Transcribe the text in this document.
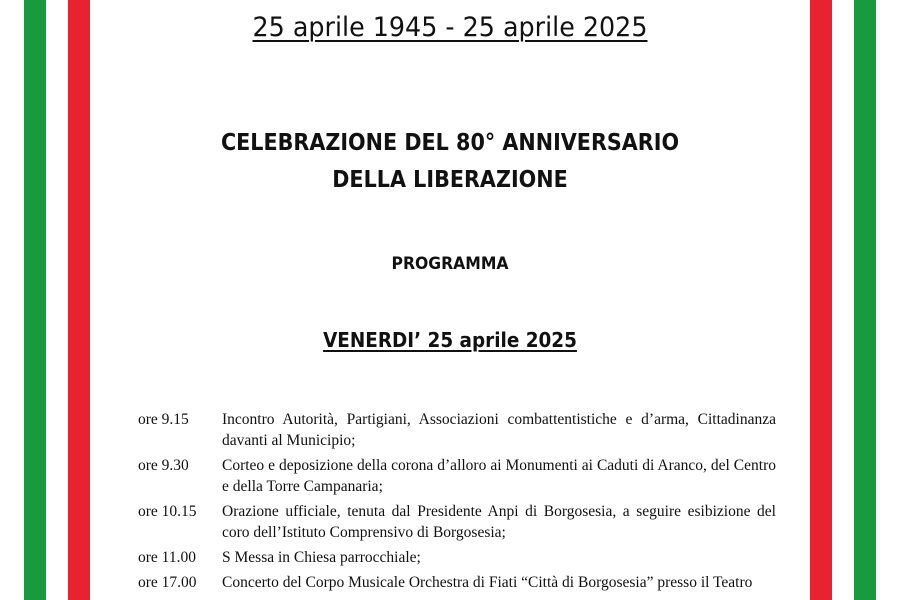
25 aprile 1945 - 25 aprile 2025
CELEBRAZIONE DEL 80° ANNIVERSARIO
DELLA LIBERAZIONE
PROGRAMMA
VENERDI’ 25 aprile 2025
ore 9.15	Incontro Autorità, Partigiani, Associazioni combattentistiche e d’arma, Cittadinanza davanti al Municipio;
ore 9.30	Corteo e deposizione della corona d’alloro ai Monumenti ai Caduti di Aranco, del Centro e della Torre Campanaria;
ore 10.15	Orazione ufficiale, tenuta dal Presidente Anpi di Borgosesia, a seguire esibizione del coro dell’Istituto Comprensivo di Borgosesia;
ore 11.00	S Messa in Chiesa parrocchiale;
ore 17.00	Concerto del Corpo Musicale Orchestra di Fiati “Città di Borgosesia” presso il Teatro
